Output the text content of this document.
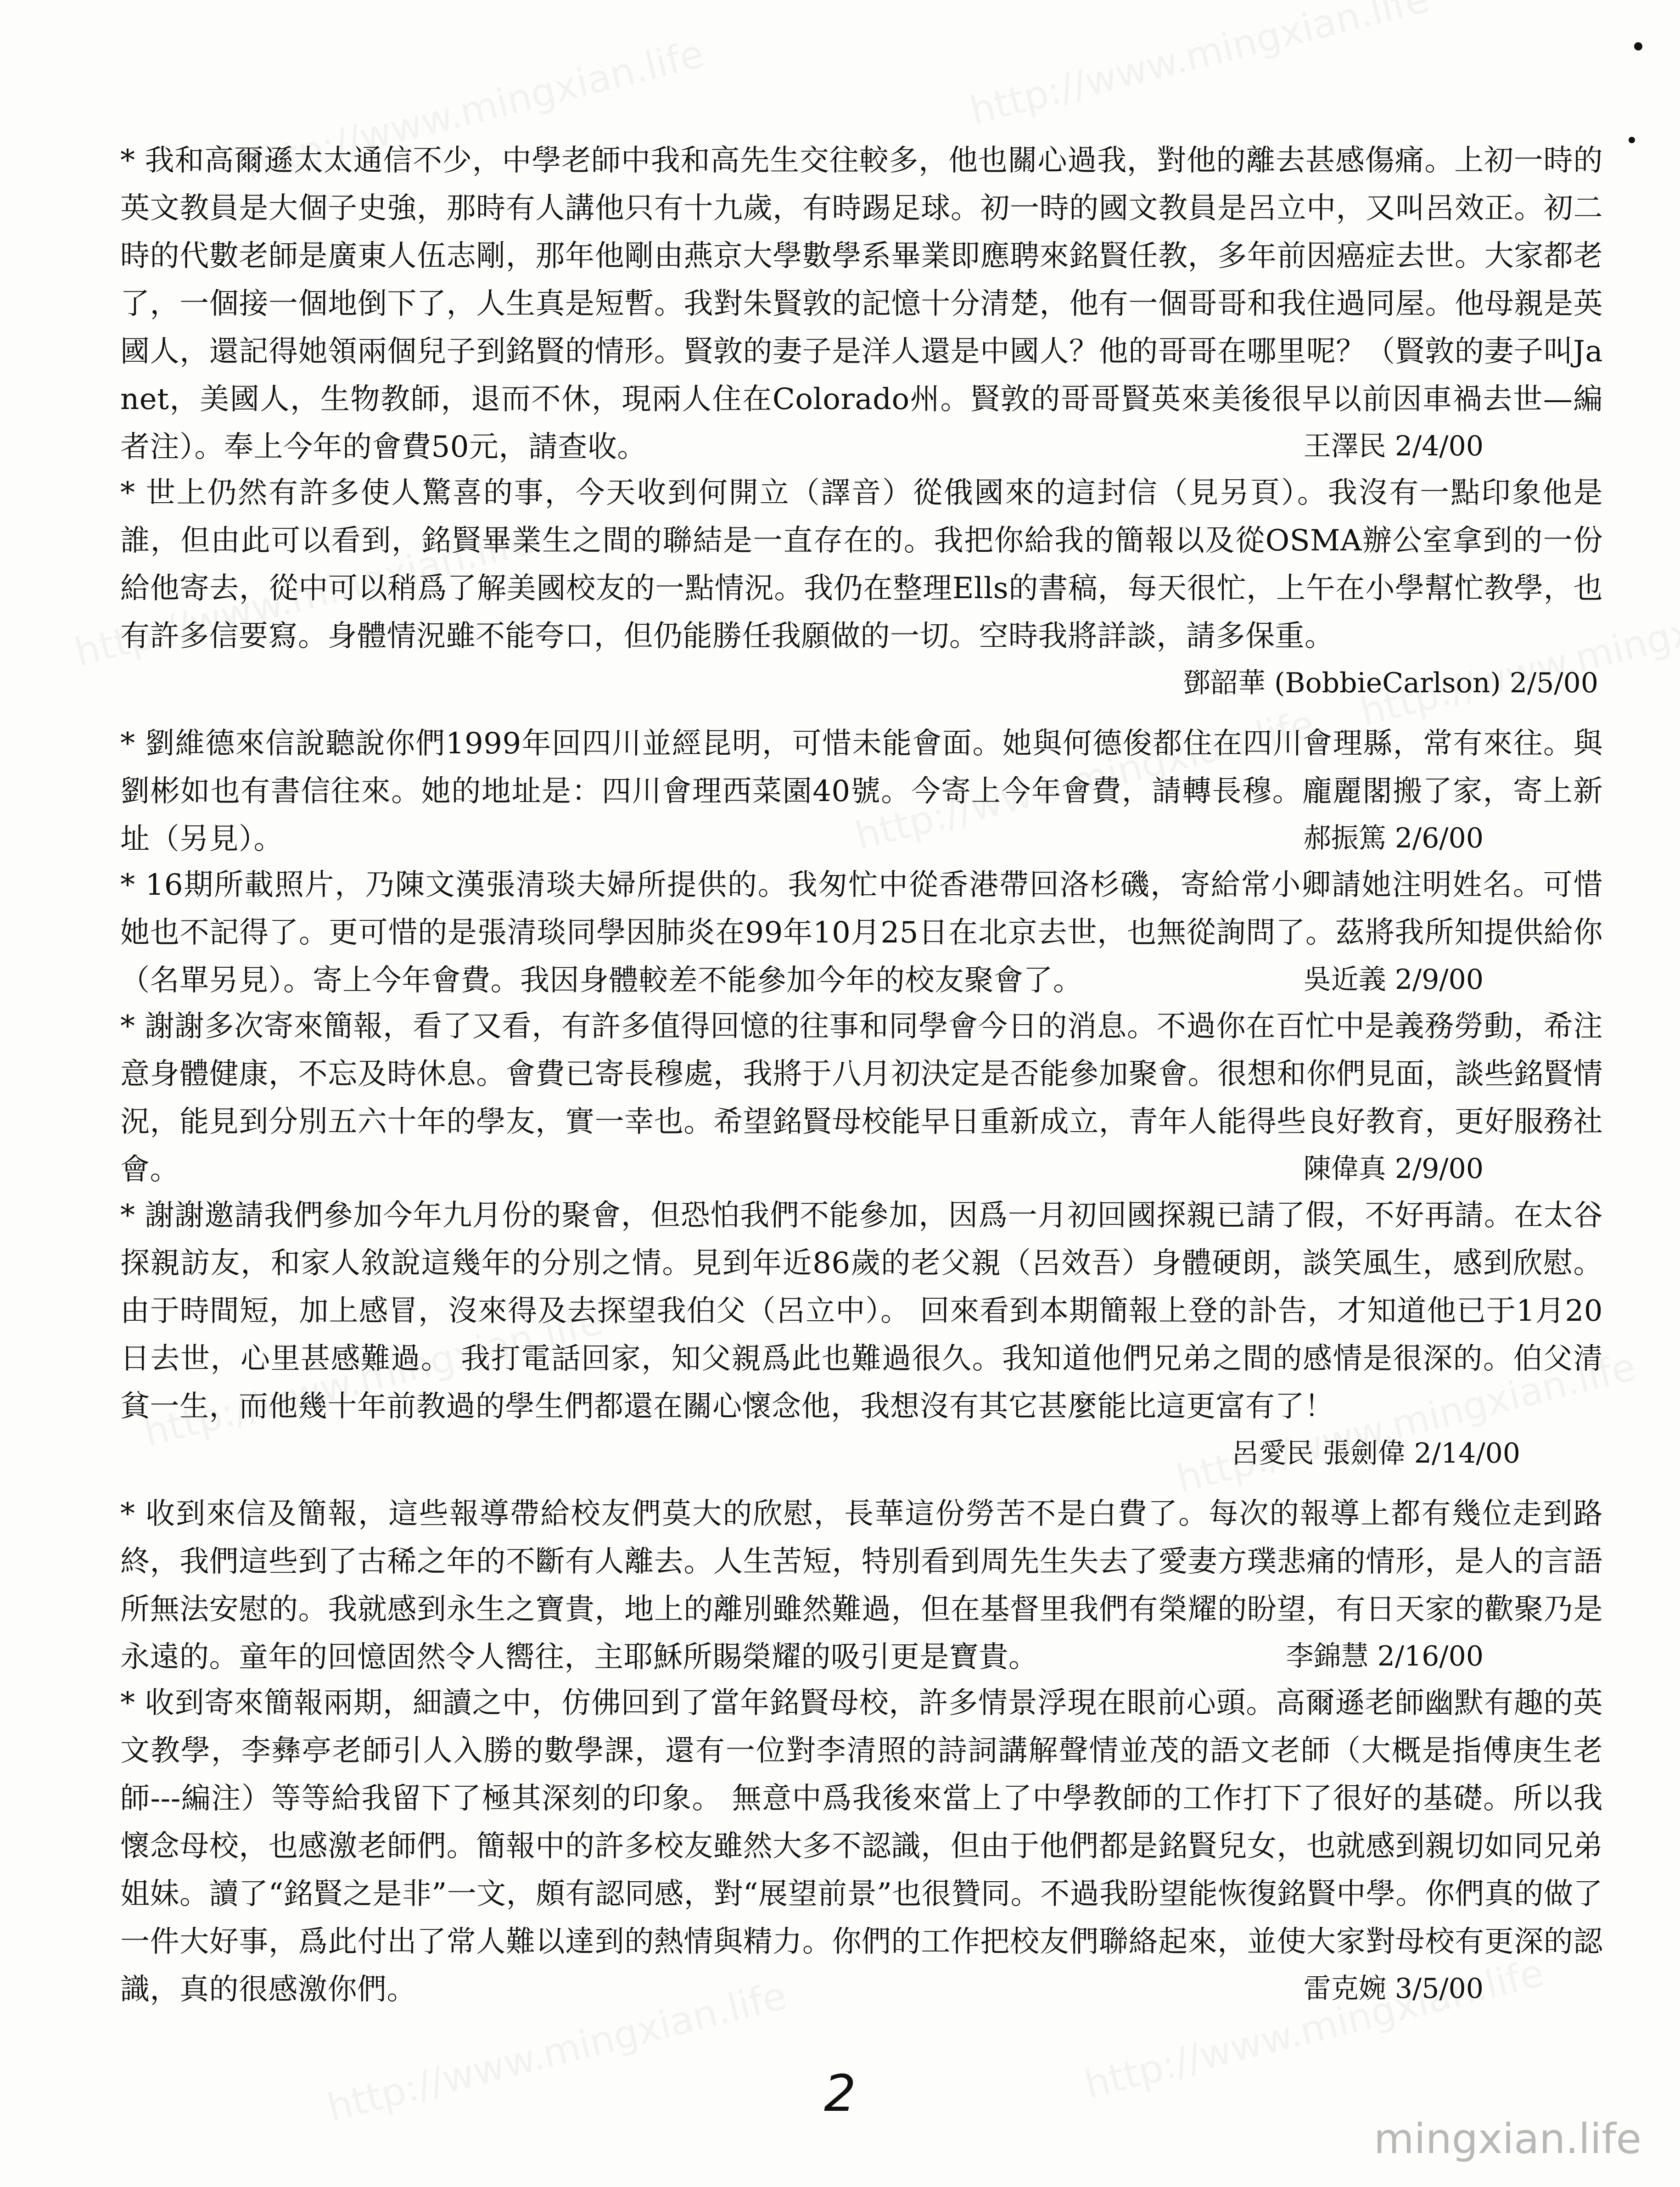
* 我和高爾遜太太通信不少，中學老師中我和高先生交往較多，他也關心過我，對他的離去甚感傷痛。上初一時的英文教員是大個子史強，那時有人講他只有十九歲，有時踢足球。初一時的國文教員是呂立中，又叫呂效正。初二時的代數老師是廣東人伍志剛，那年他剛由燕京大學數學系畢業即應聘來銘賢任教，多年前因癌症去世。大家都老了，一個接一個地倒下了，人生真是短暫。我對朱賢敦的記憶十分清楚，他有一個哥哥和我住過同屋。他母親是英國人，還記得她領兩個兒子到銘賢的情形。賢敦的妻子是洋人還是中國人？他的哥哥在哪里呢？（賢敦的妻子叫Janet，美國人，生物教師，退而不休，現兩人住在Colorado州。賢敦的哥哥賢英來美後很早以前因車禍去世—編者注）。奉上今年的會費50元，請查收。	王澤民 2/4/00

* 世上仍然有許多使人驚喜的事，今天收到何開立（譯音）從俄國來的這封信（見另頁）。我沒有一點印象他是誰，但由此可以看到，銘賢畢業生之間的聯結是一直存在的。我把你給我的簡報以及從OSMA辦公室拿到的一份給他寄去，從中可以稍爲了解美國校友的一點情況。我仍在整理Ells的書稿，每天很忙，上午在小學幫忙教學，也有許多信要寫。身體情況雖不能夸口，但仍能勝任我願做的一切。空時我將詳談，請多保重。

鄧韶華 (BobbieCarlson) 2/5/00

* 劉維德來信說聽說你們1999年回四川並經昆明，可惜未能會面。她與何德俊都住在四川會理縣，常有來往。與劉彬如也有書信往來。她的地址是：四川會理西菜園40號。今寄上今年會費，請轉長穆。龐麗閣搬了家，寄上新址（另見）。	郝振篤 2/6/00

* 16期所載照片，乃陳文漢張清琰夫婦所提供的。我匆忙中從香港帶回洛杉磯，寄給常小卿請她注明姓名。可惜她也不記得了。更可惜的是張清琰同學因肺炎在99年10月25日在北京去世，也無從詢問了。茲將我所知提供給你（名單另見）。寄上今年會費。我因身體較差不能參加今年的校友聚會了。	吳近義 2/9/00

* 謝謝多次寄來簡報，看了又看，有許多值得回憶的往事和同學會今日的消息。不過你在百忙中是義務勞動，希注意身體健康，不忘及時休息。會費已寄長穆處，我將于八月初決定是否能參加聚會。很想和你們見面，談些銘賢情況，能見到分別五六十年的學友，實一幸也。希望銘賢母校能早日重新成立，青年人能得些良好教育，更好服務社會。	陳偉真 2/9/00

* 謝謝邀請我們參加今年九月份的聚會，但恐怕我們不能參加，因爲一月初回國探親已請了假，不好再請。在太谷探親訪友，和家人敘說這幾年的分別之情。見到年近86歲的老父親（呂效吾）身體硬朗，談笑風生，感到欣慰。由于時間短，加上感冒，沒來得及去探望我伯父（呂立中）。 回來看到本期簡報上登的訃告，才知道他已于1月20日去世，心里甚感難過。 我打電話回家，知父親爲此也難過很久。我知道他們兄弟之間的感情是很深的。伯父清貧一生，而他幾十年前教過的學生們都還在關心懷念他，我想沒有其它甚麼能比這更富有了！

呂愛民 張劍偉 2/14/00

* 收到來信及簡報，這些報導帶給校友們莫大的欣慰，長華這份勞苦不是白費了。每次的報導上都有幾位走到路終，我們這些到了古稀之年的不斷有人離去。人生苦短，特別看到周先生失去了愛妻方璞悲痛的情形，是人的言語所無法安慰的。我就感到永生之寶貴，地上的離別雖然難過，但在基督里我們有榮耀的盼望，有日天家的歡聚乃是永遠的。童年的回憶固然令人嚮往，主耶穌所賜榮耀的吸引更是寶貴。	李錦慧 2/16/00

* 收到寄來簡報兩期，細讀之中，仿佛回到了當年銘賢母校，許多情景浮現在眼前心頭。高爾遜老師幽默有趣的英文教學，李彝亭老師引人入勝的數學課，還有一位對李清照的詩詞講解聲情並茂的語文老師（大概是指傅庚生老師---編注）等等給我留下了極其深刻的印象。 無意中爲我後來當上了中學教師的工作打下了很好的基礎。所以我懷念母校，也感激老師們。簡報中的許多校友雖然大多不認識，但由于他們都是銘賢兒女，也就感到親切如同兄弟姐妹。讀了“銘賢之是非”一文，頗有認同感，對“展望前景”也很贊同。不過我盼望能恢復銘賢中學。你們真的做了一件大好事，爲此付出了常人難以達到的熱情與精力。你們的工作把校友們聯絡起來，並使大家對母校有更深的認識，真的很感激你們。	雷克婉 3/5/00
2
mingxian.life
